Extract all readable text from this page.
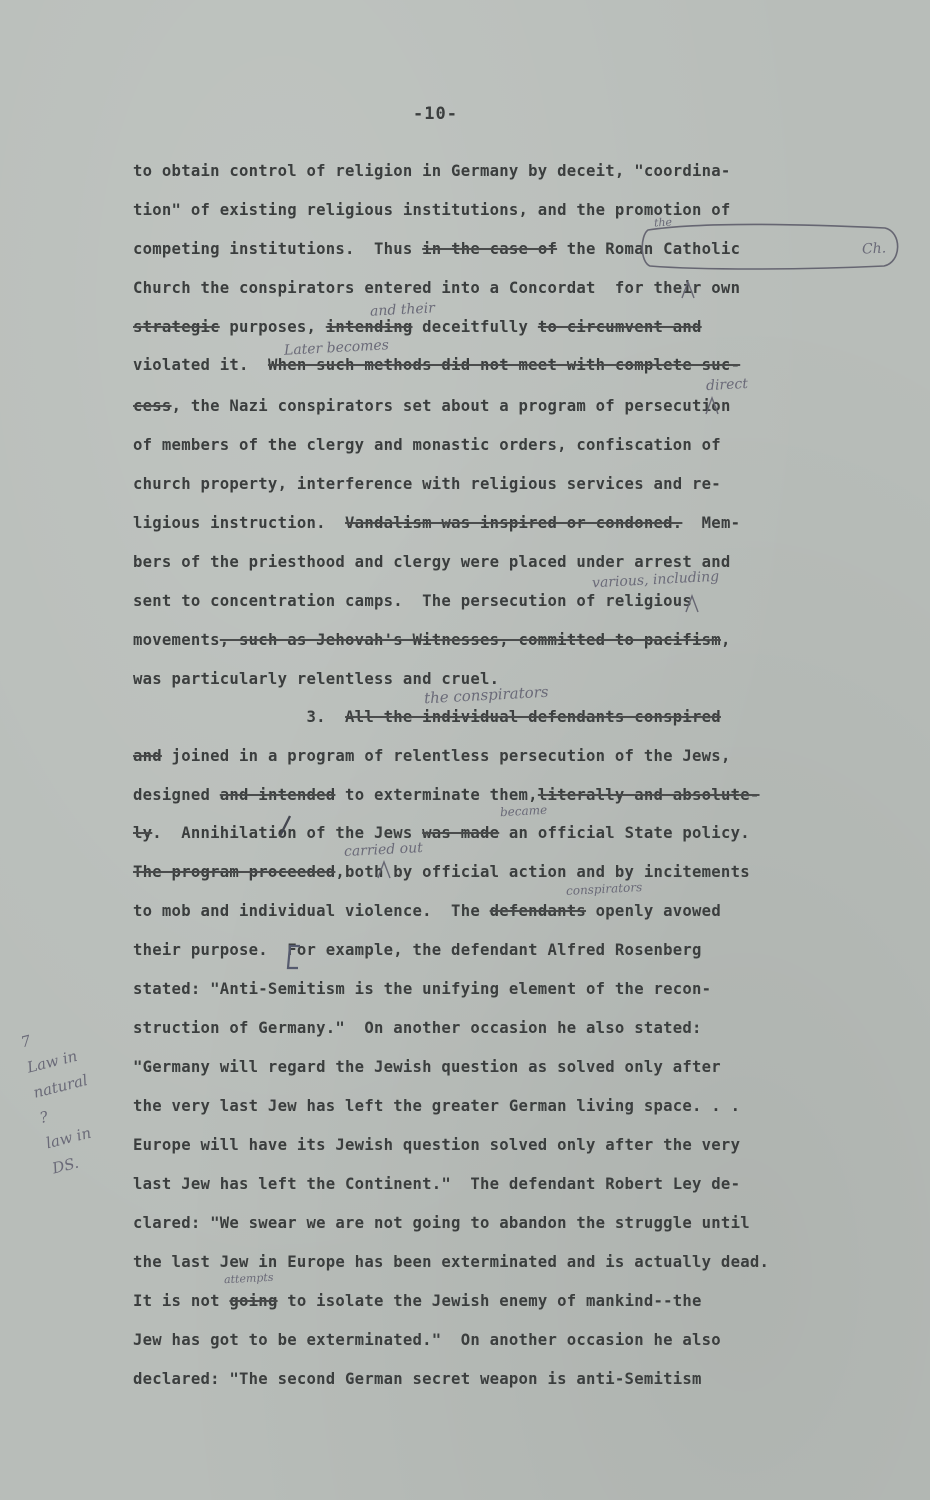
-10-
to obtain control of religion in Germany by deceit, "coordina-
tion" of existing religious institutions, and the promotion of
competing institutions.  Thus in the case of the Roman Catholic
Church the conspirators entered into a Concordat  for their own
strategic purposes, intending deceitfully to circumvent and
violated it.  When such methods did not meet with complete suc-
cess, the Nazi conspirators set about a program of persecution
of members of the clergy and monastic orders, confiscation of
church property, interference with religious services and re-
ligious instruction.  Vandalism was inspired or condoned.  Mem-
bers of the priesthood and clergy were placed under arrest and
sent to concentration camps.  The persecution of religious
movements, such as Jehovah's Witnesses, committed to pacifism,
was particularly relentless and cruel.
3.  All the individual defendants conspired
and joined in a program of relentless persecution of the Jews,
designed and intended to exterminate them,literally and absolute-
ly.  Annihilation of the Jews was made an official State policy.
The program proceeded,both by official action and by incitements
to mob and individual violence.  The defendants openly avowed
their purpose.  For example, the defendant Alfred Rosenberg
stated: "Anti-Semitism is the unifying element of the recon-
struction of Germany."  On another occasion he also stated:
"Germany will regard the Jewish question as solved only after
the very last Jew has left the greater German living space. . .
Europe will have its Jewish question solved only after the very
last Jew has left the Continent."  The defendant Robert Ley de-
clared: "We swear we are not going to abandon the struggle until
the last Jew in Europe has been exterminated and is actually dead.
It is not going to isolate the Jewish enemy of mankind--the
Jew has got to be exterminated."  On another occasion he also
declared: "The second German secret weapon is anti-Semitism
the
Ch.
and their
Later becomes
direct
various, including
the conspirators
became
carried out
conspirators
attempts
7
Law in
natural
?
law in
DS.
